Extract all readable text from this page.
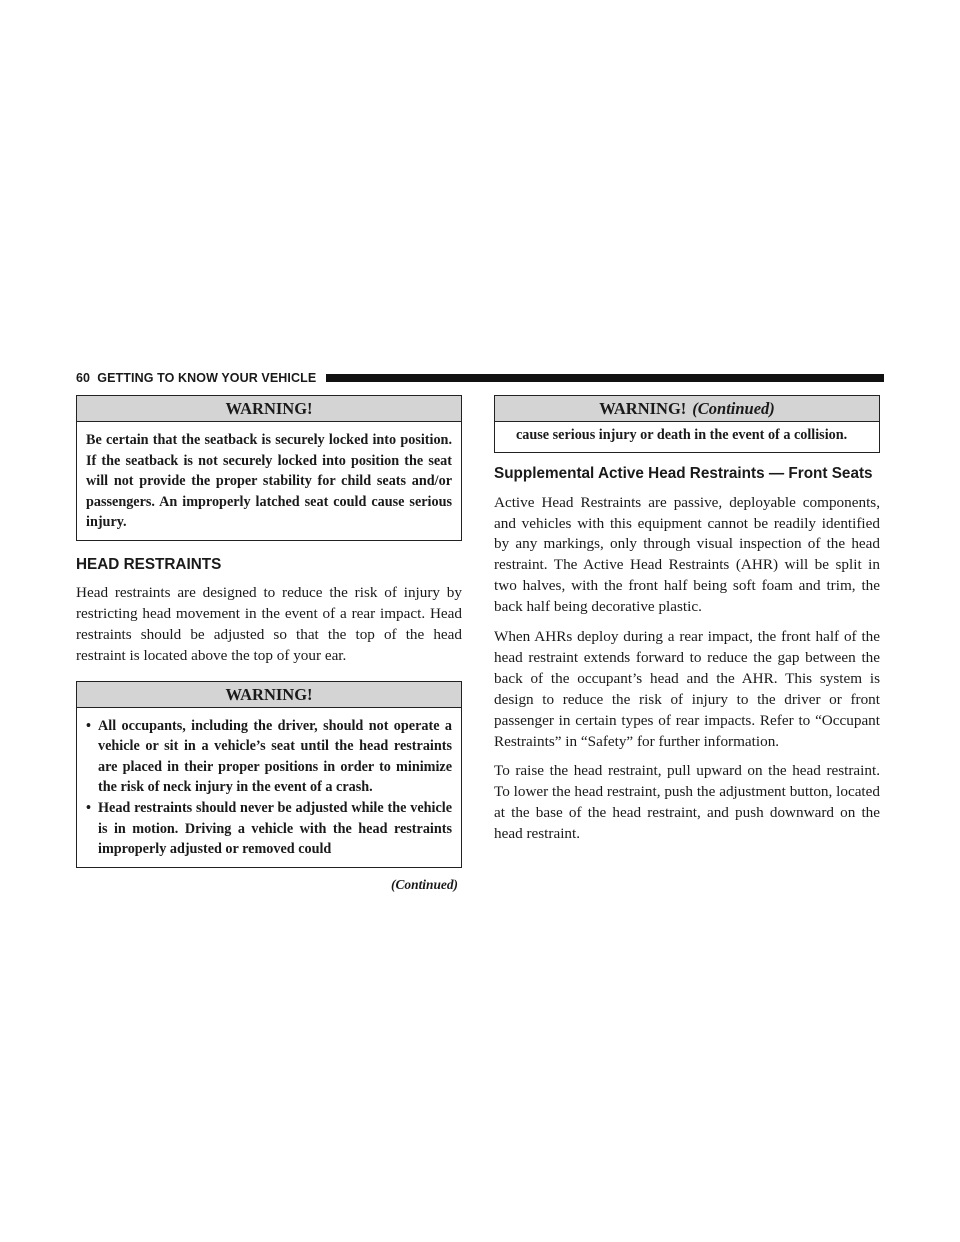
60 GETTING TO KNOW YOUR VEHICLE
WARNING!
Be certain that the seatback is securely locked into position. If the seatback is not securely locked into position the seat will not provide the proper stability for child seats and/or passengers. An improperly latched seat could cause serious injury.
HEAD RESTRAINTS

Head restraints are designed to reduce the risk of injury by restricting head movement in the event of a rear impact. Head restraints should be adjusted so that the top of the head restraint is located above the top of your ear.

WARNING!
• All occupants, including the driver, should not operate a vehicle or sit in a vehicle’s seat until the head restraints are placed in their proper positions in order to minimize the risk of neck injury in the event of a crash.
• Head restraints should never be adjusted while the vehicle is in motion. Driving a vehicle with the head restraints improperly adjusted or removed could
(Continued)
WARNING! (Continued)
cause serious injury or death in the event of a collision.
Supplemental Active Head Restraints — Front Seats

Active Head Restraints are passive, deployable components, and vehicles with this equipment cannot be readily identified by any markings, only through visual inspection of the head restraint. The Active Head Restraints (AHR) will be split in two halves, with the front half being soft foam and trim, the back half being decorative plastic.

When AHRs deploy during a rear impact, the front half of the head restraint extends forward to reduce the gap between the back of the occupant’s head and the AHR. This system is design to reduce the risk of injury to the driver or front passenger in certain types of rear impacts. Refer to “Occupant Restraints” in “Safety” for further information.

To raise the head restraint, pull upward on the head restraint. To lower the head restraint, push the adjustment button, located at the base of the head restraint, and push downward on the head restraint.
